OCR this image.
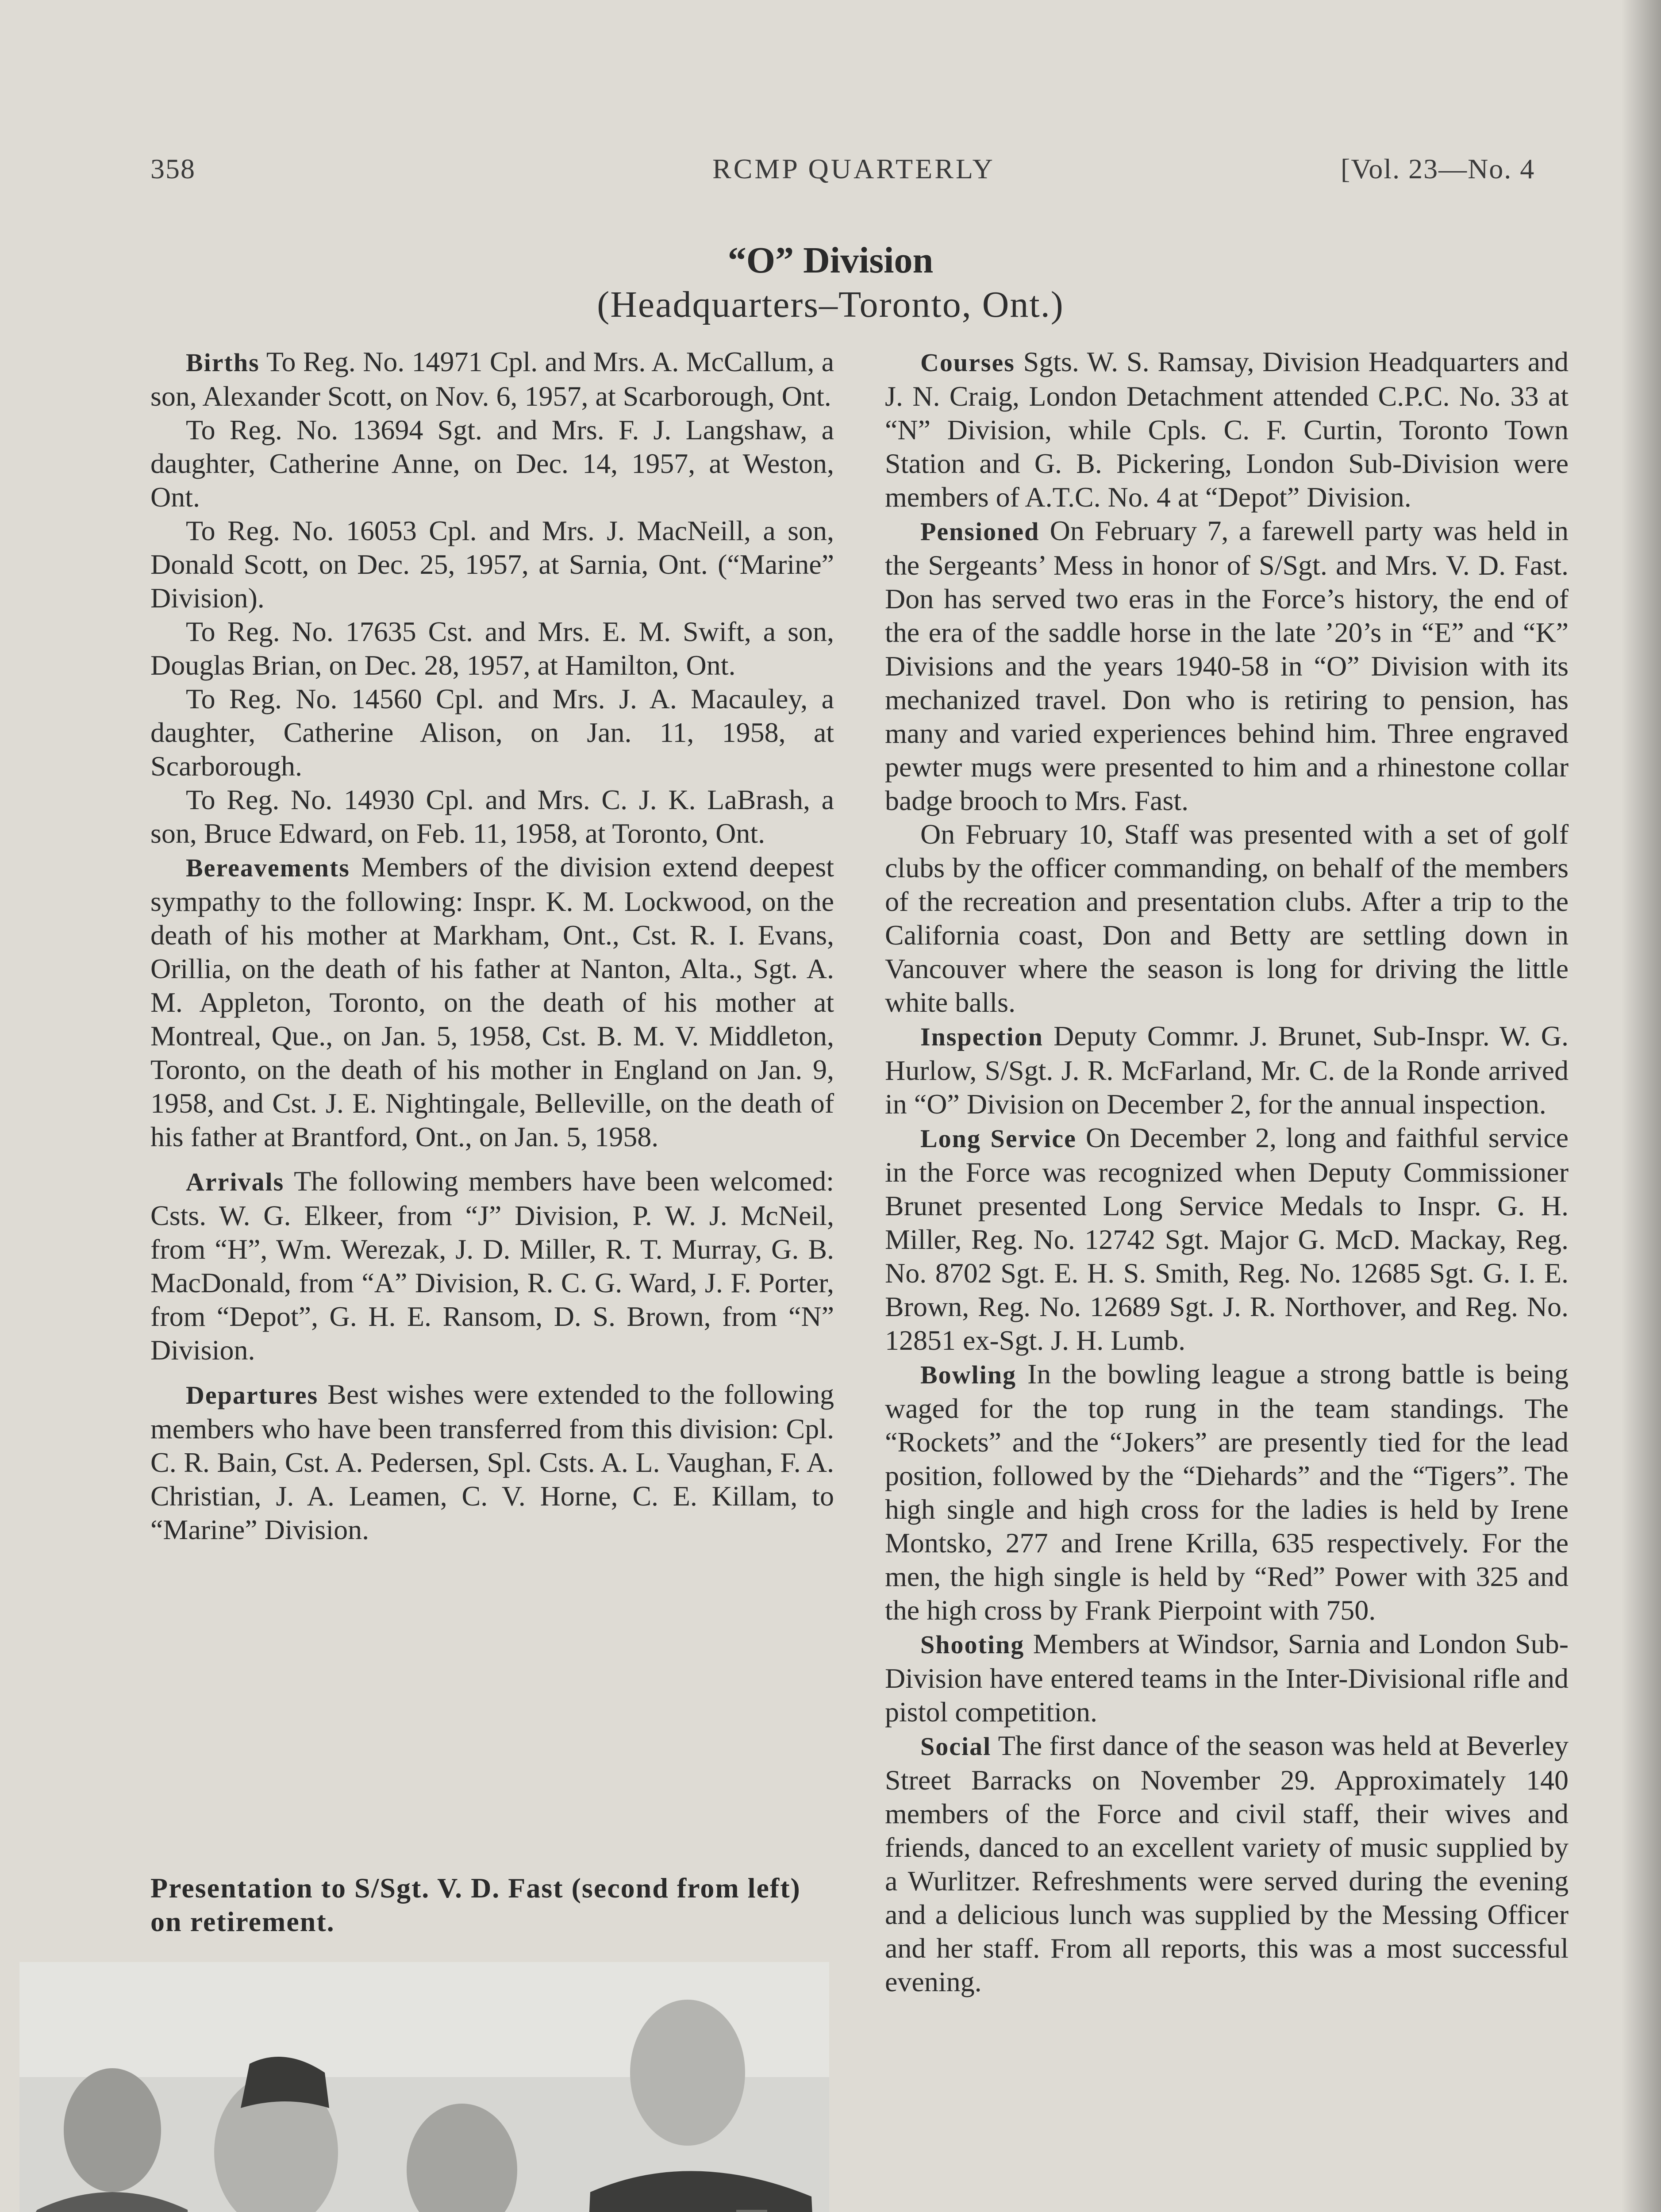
358	RCMP QUARTERLY	[Vol. 23—No. 4
“O” Division
(Headquarters–Toronto, Ont.)

Births To Reg. No. 14971 Cpl. and Mrs. A. McCallum, a son, Alexander Scott, on Nov. 6, 1957, at Scarborough, Ont.

To Reg. No. 13694 Sgt. and Mrs. F. J. Langshaw, a daughter, Catherine Anne, on Dec. 14, 1957, at Weston, Ont.

To Reg. No. 16053 Cpl. and Mrs. J. MacNeill, a son, Donald Scott, on Dec. 25, 1957, at Sarnia, Ont. (“Marine” Division).

To Reg. No. 17635 Cst. and Mrs. E. M. Swift, a son, Douglas Brian, on Dec. 28, 1957, at Hamilton, Ont.

To Reg. No. 14560 Cpl. and Mrs. J. A. Macauley, a daughter, Catherine Alison, on Jan. 11, 1958, at Scarborough.

To Reg. No. 14930 Cpl. and Mrs. C. J. K. LaBrash, a son, Bruce Edward, on Feb. 11, 1958, at Toronto, Ont.

Bereavements Members of the division extend deepest sympathy to the following: Inspr. K. M. Lockwood, on the death of his mother at Markham, Ont., Cst. R. I. Evans, Orillia, on the death of his father at Nanton, Alta., Sgt. A. M. Appleton, Toronto, on the death of his mother at Montreal, Que., on Jan. 5, 1958, Cst. B. M. V. Middleton, Toronto, on the death of his mother in England on Jan. 9, 1958, and Cst. J. E. Nightingale, Belleville, on the death of his father at Brantford, Ont., on Jan. 5, 1958.

Arrivals The following members have been welcomed: Csts. W. G. Elkeer, from “J” Division, P. W. J. McNeil, from “H”, Wm. Werezak, J. D. Miller, R. T. Murray, G. B. MacDonald, from “A” Division, R. C. G. Ward, J. F. Porter, from “Depot”, G. H. E. Ransom, D. S. Brown, from “N” Division.

Departures Best wishes were extended to the following members who have been transferred from this division: Cpl. C. R. Bain, Cst. A. Pedersen, Spl. Csts. A. L. Vaughan, F. A. Christian, J. A. Leamen, C. V. Horne, C. E. Killam, to “Marine” Division.

Presentation to S/Sgt. V. D. Fast (second from left) on retirement.

Courses Sgts. W. S. Ramsay, Division Headquarters and J. N. Craig, London Detachment attended C.P.C. No. 33 at “N” Division, while Cpls. C. F. Curtin, Toronto Town Station and G. B. Pickering, London Sub-Division were members of A.T.C. No. 4 at “Depot” Division.

Pensioned On February 7, a farewell party was held in the Sergeants’ Mess in honor of S/Sgt. and Mrs. V. D. Fast. Don has served two eras in the Force’s history, the end of the era of the saddle horse in the late ’20’s in “E” and “K” Divisions and the years 1940-58 in “O” Division with its mechanized travel. Don who is retiring to pension, has many and varied experiences behind him. Three engraved pewter mugs were presented to him and a rhinestone collar badge brooch to Mrs. Fast.

On February 10, Staff was presented with a set of golf clubs by the officer commanding, on behalf of the members of the recreation and presentation clubs. After a trip to the California coast, Don and Betty are settling down in Vancouver where the season is long for driving the little white balls.

Inspection Deputy Commr. J. Brunet, Sub-Inspr. W. G. Hurlow, S/Sgt. J. R. McFarland, Mr. C. de la Ronde arrived in “O” Division on December 2, for the annual inspection.

Long Service On December 2, long and faithful service in the Force was recognized when Deputy Commissioner Brunet presented Long Service Medals to Inspr. G. H. Miller, Reg. No. 12742 Sgt. Major G. McD. Mackay, Reg. No. 8702 Sgt. E. H. S. Smith, Reg. No. 12685 Sgt. G. I. E. Brown, Reg. No. 12689 Sgt. J. R. Northover, and Reg. No. 12851 ex-Sgt. J. H. Lumb.

Bowling In the bowling league a strong battle is being waged for the top rung in the team standings. The “Rockets” and the “Jokers” are presently tied for the lead position, followed by the “Diehards” and the “Tigers”. The high single and high cross for the ladies is held by Irene Montsko, 277 and Irene Krilla, 635 respectively. For the men, the high single is held by “Red” Power with 325 and the high cross by Frank Pierpoint with 750.

Shooting Members at Windsor, Sarnia and London Sub-Division have entered teams in the Inter-Divisional rifle and pistol competition.

Social The first dance of the season was held at Beverley Street Barracks on November 29. Approximately 140 members of the Force and civil staff, their wives and friends, danced to an excellent variety of music supplied by a Wurlitzer. Refreshments were served during the evening and a delicious lunch was supplied by the Messing Officer and her staff. From all reports, this was a most successful evening.
